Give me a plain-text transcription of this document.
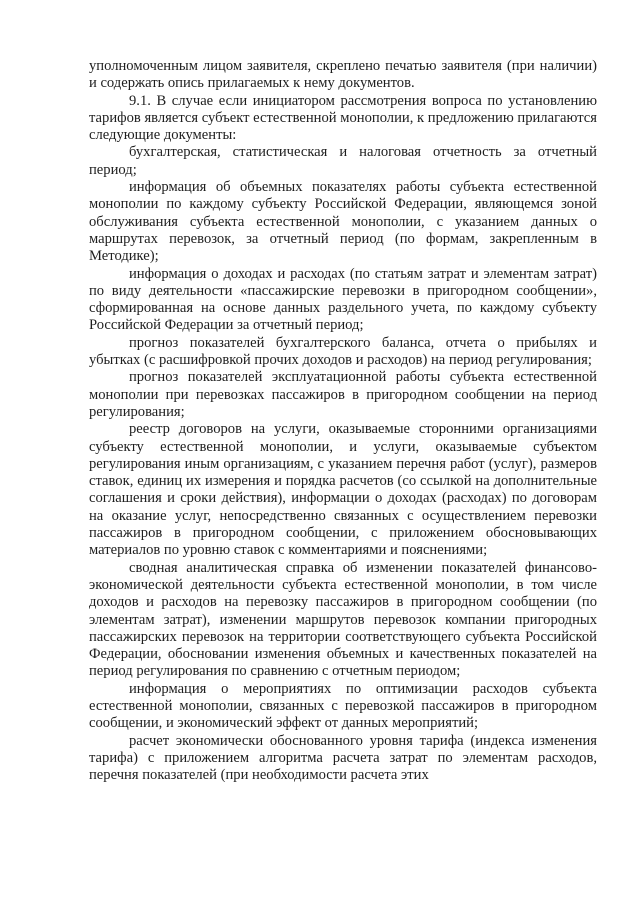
уполномоченным лицом заявителя, скреплено печатью заявителя (при наличии) и содержать опись прилагаемых к нему документов.

9.1. В случае если инициатором рассмотрения вопроса по установлению тарифов является субъект естественной монополии, к предложению прилагаются следующие документы:

бухгалтерская, статистическая и налоговая отчетность за отчетный период;

информация об объемных показателях работы субъекта естественной монополии по каждому субъекту Российской Федерации, являющемся зоной обслуживания субъекта естественной монополии, с указанием данных о маршрутах перевозок, за отчетный период (по формам, закрепленным в Методике);

информация о доходах и расходах (по статьям затрат и элементам затрат) по виду деятельности «пассажирские перевозки в пригородном сообщении», сформированная на основе данных раздельного учета, по каждому субъекту Российской Федерации за отчетный период;

прогноз показателей бухгалтерского баланса, отчета о прибылях и убытках (с расшифровкой прочих доходов и расходов) на период регулирования;

прогноз показателей эксплуатационной работы субъекта естественной монополии при перевозках пассажиров в пригородном сообщении на период регулирования;

реестр договоров на услуги, оказываемые сторонними организациями субъекту естественной монополии, и услуги, оказываемые субъектом регулирования иным организациям, с указанием перечня работ (услуг), размеров ставок, единиц их измерения и порядка расчетов (со ссылкой на дополнительные соглашения и сроки действия), информации о доходах (расходах) по договорам на оказание услуг, непосредственно связанных с осуществлением перевозки пассажиров в пригородном сообщении, с приложением обосновывающих материалов по уровню ставок с комментариями и пояснениями;

сводная аналитическая справка об изменении показателей финансово-экономической деятельности субъекта естественной монополии, в том числе доходов и расходов на перевозку пассажиров в пригородном сообщении (по элементам затрат), изменении маршрутов перевозок компании пригородных пассажирских перевозок на территории соответствующего субъекта Российской Федерации, обосновании изменения объемных и качественных показателей на период регулирования по сравнению с отчетным периодом;

информация о мероприятиях по оптимизации расходов субъекта естественной монополии, связанных с перевозкой пассажиров в пригородном сообщении, и экономический эффект от данных мероприятий;

расчет экономически обоснованного уровня тарифа (индекса изменения тарифа) с приложением алгоритма расчета затрат по элементам расходов, перечня показателей (при необходимости расчета этих
